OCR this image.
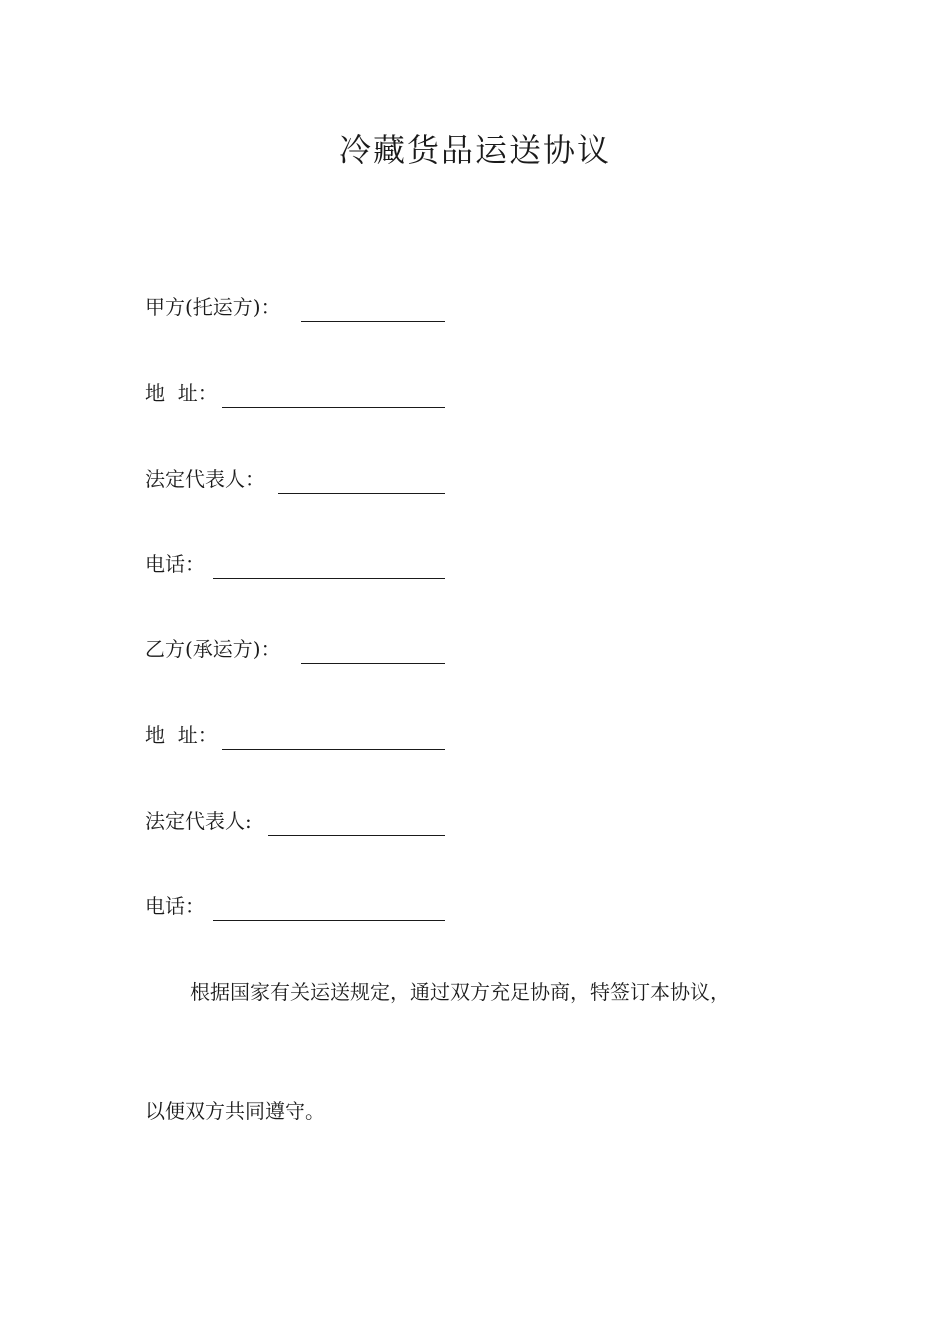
冷藏货品运送协议
甲方(托运方)：
地  址：
法定代表人：
电话：
乙方(承运方)：
地  址：
法定代表人:
电话：
根据国家有关运送规定，通过双方充足协商，特签订本协议，
以便双方共同遵守。
